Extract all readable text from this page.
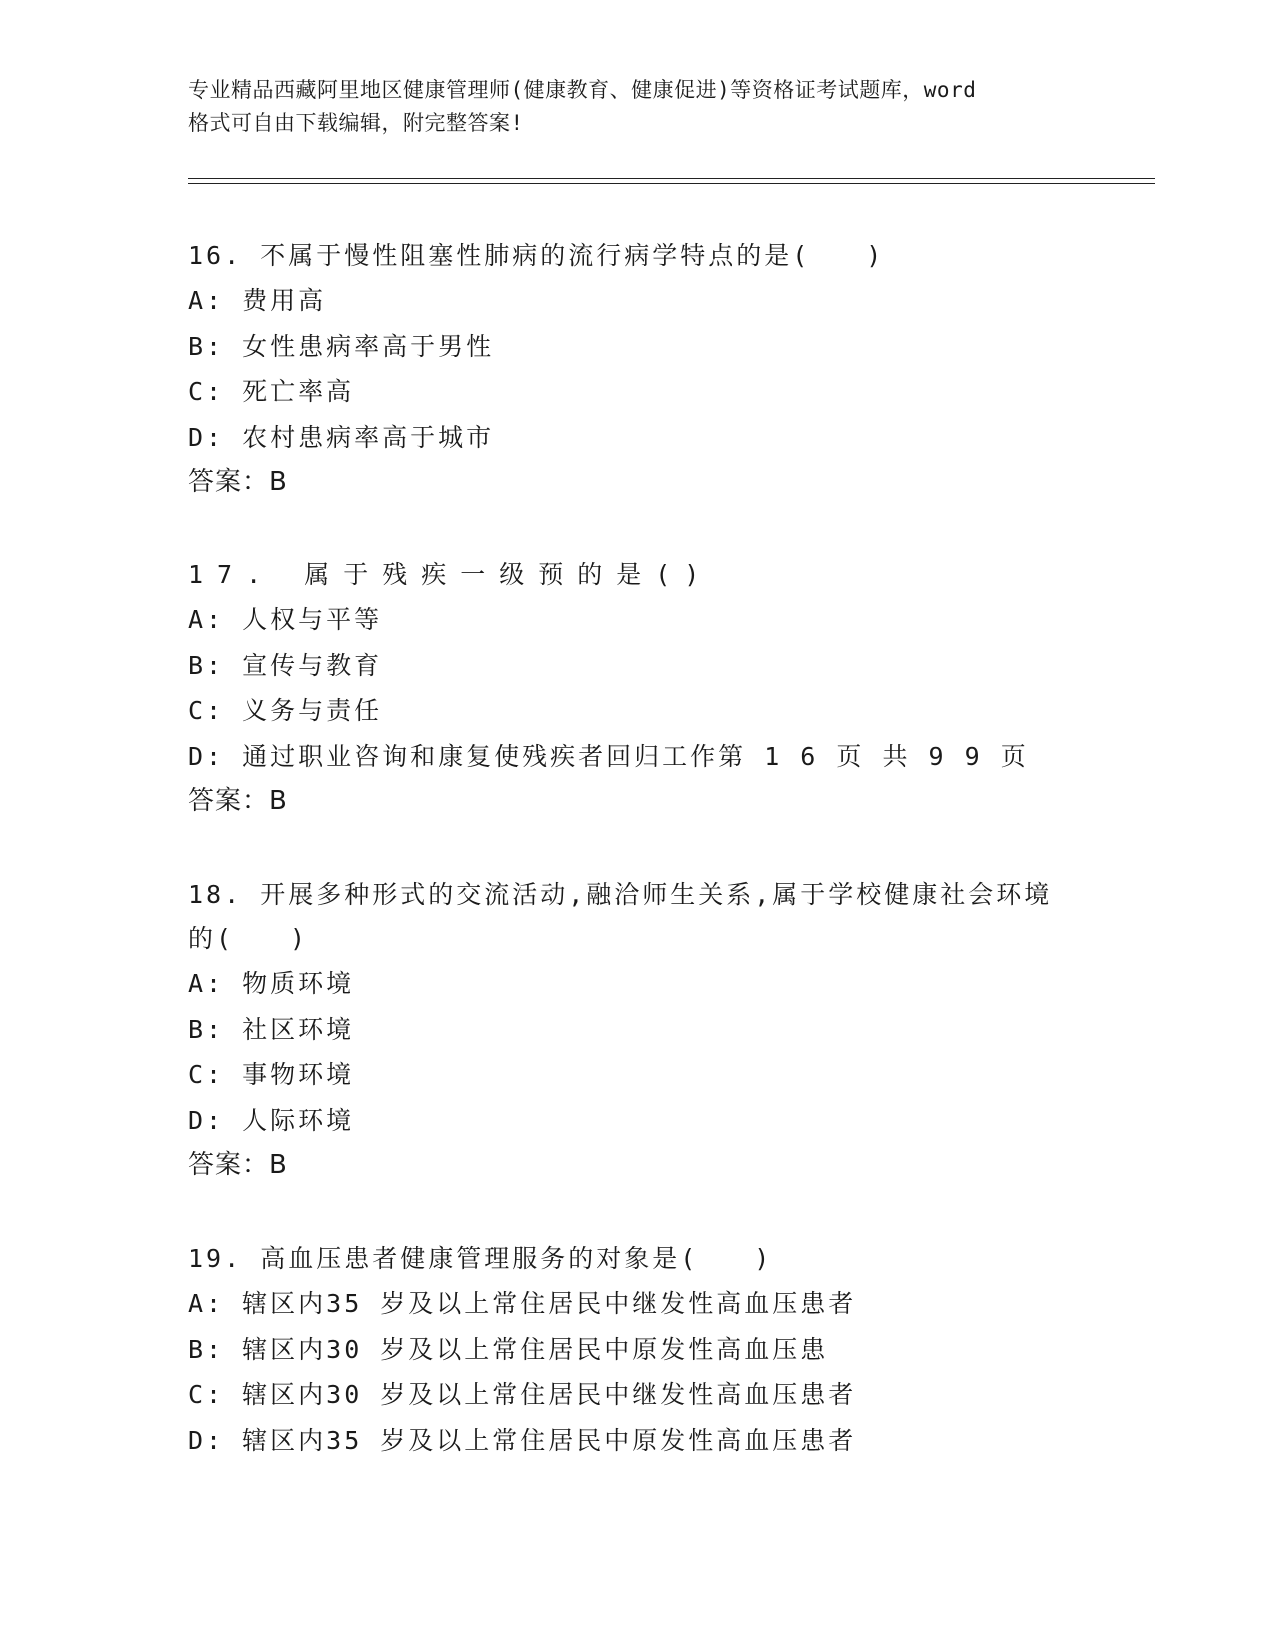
专业精品西藏阿里地区健康管理师(健康教育、健康促进)等资格证考试题库，word
格式可自由下载编辑，附完整答案!
16. 不属于慢性阻塞性肺病的流行病学特点的是(　　)
A: 费用高
B: 女性患病率高于男性
C: 死亡率高
D: 农村患病率高于城市
答案：B
17. 属于残疾一级预的是()
A: 人权与平等
B: 宣传与教育
C: 义务与责任
D: 通过职业咨询和康复使残疾者回归工作第 1 6 页 共 9 9 页
答案：B
18. 开展多种形式的交流活动,融洽师生关系,属于学校健康社会环境的(　　)
A: 物质环境
B: 社区环境
C: 事物环境
D: 人际环境
答案：B
19. 高血压患者健康管理服务的对象是(　　)
A: 辖区内35 岁及以上常住居民中继发性高血压患者
B: 辖区内30 岁及以上常住居民中原发性高血压患
C: 辖区内30 岁及以上常住居民中继发性高血压患者
D: 辖区内35 岁及以上常住居民中原发性高血压患者
